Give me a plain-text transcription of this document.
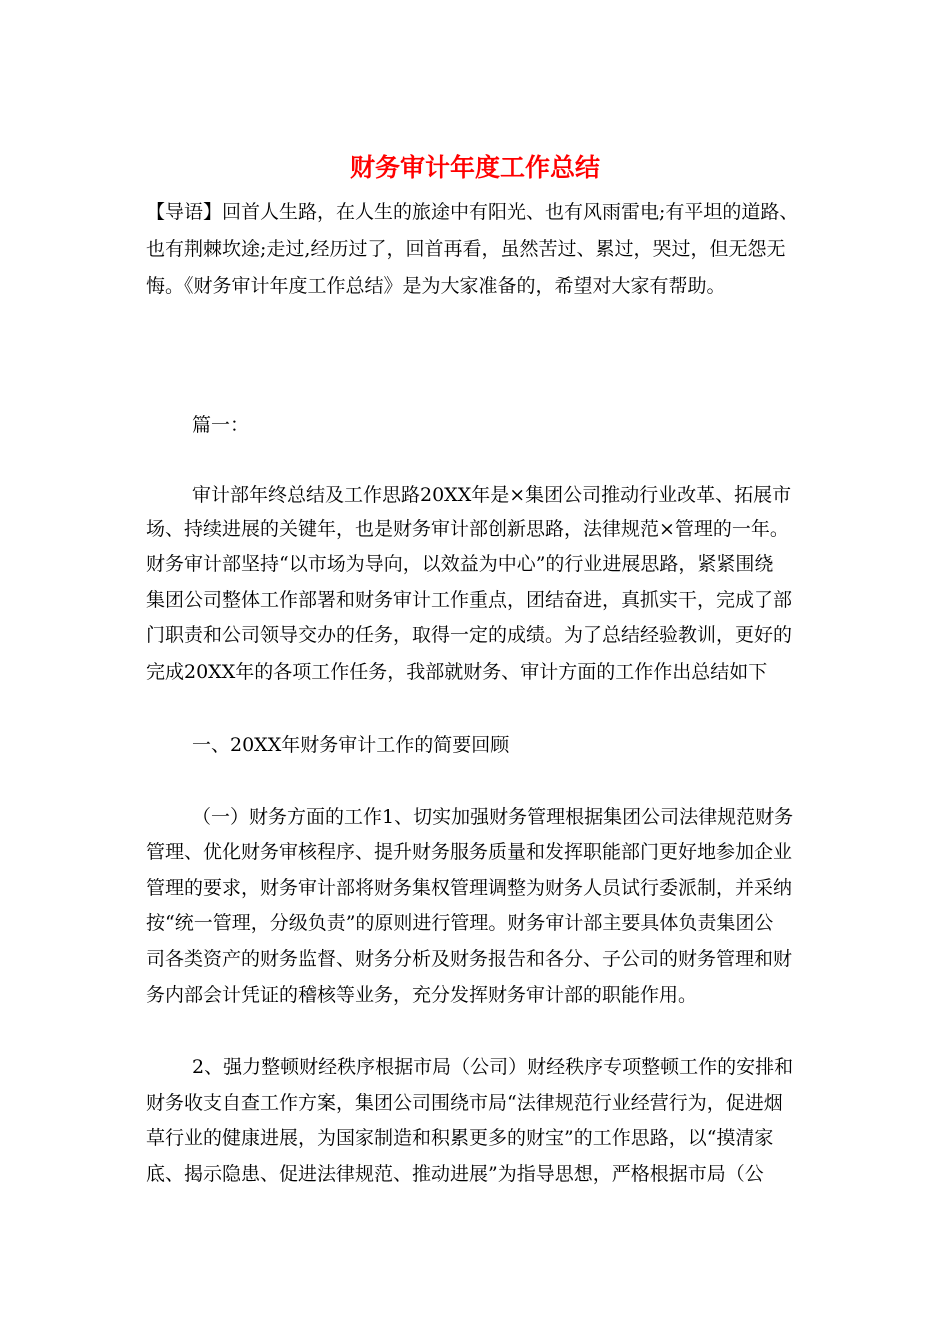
财务审计年度工作总结
【导语】回首人生路，在人生的旅途中有阳光、也有风雨雷电;有平坦的道路、
也有荆棘坎途;走过,经历过了，回首再看，虽然苦过、累过，哭过，但无怨无
悔。《财务审计年度工作总结》是为大家准备的，希望对大家有帮助。
篇一：
审计部年终总结及工作思路20XX年是×集团公司推动行业改革、拓展市
场、持续进展的关键年，也是财务审计部创新思路，法律规范×管理的一年。
财务审计部坚持“以市场为导向，以效益为中心”的行业进展思路，紧紧围绕
集团公司整体工作部署和财务审计工作重点，团结奋进，真抓实干，完成了部
门职责和公司领导交办的任务，取得一定的成绩。为了总结经验教训，更好的
完成20XX年的各项工作任务，我部就财务、审计方面的工作作出总结如下
一、20XX年财务审计工作的简要回顾
（一）财务方面的工作1、切实加强财务管理根据集团公司法律规范财务
管理、优化财务审核程序、提升财务服务质量和发挥职能部门更好地参加企业
管理的要求，财务审计部将财务集权管理调整为财务人员试行委派制，并采纳
按“统一管理，分级负责”的原则进行管理。财务审计部主要具体负责集团公
司各类资产的财务监督、财务分析及财务报告和各分、子公司的财务管理和财
务内部会计凭证的稽核等业务，充分发挥财务审计部的职能作用。
2、强力整顿财经秩序根据市局（公司）财经秩序专项整顿工作的安排和
财务收支自查工作方案，集团公司围绕市局“法律规范行业经营行为，促进烟
草行业的健康进展，为国家制造和积累更多的财宝”的工作思路，以“摸清家
底、揭示隐患、促进法律规范、推动进展”为指导思想，严格根据市局（公
